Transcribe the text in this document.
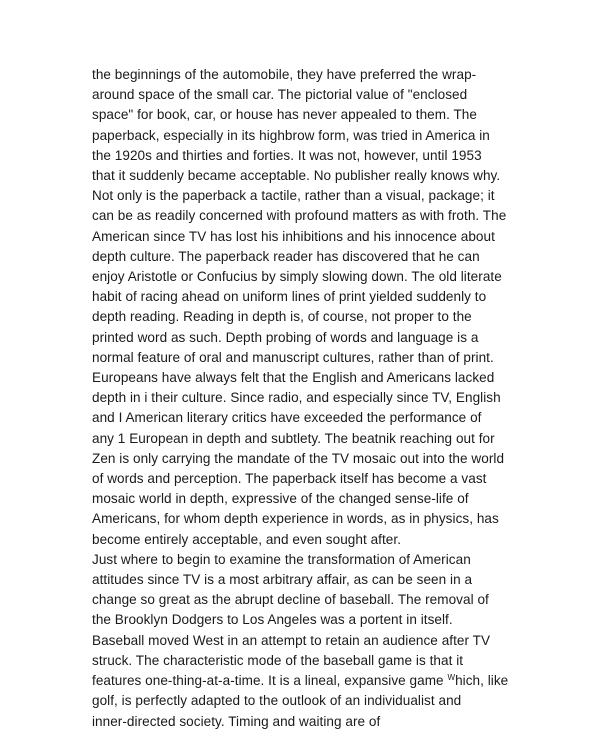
the beginnings of the automobile, they have preferred the wrap-
around space of the small car. The pictorial value of "enclosed
space" for book, car, or house has never appealed to them. The
paperback, especially in its highbrow form, was tried in America in
the 1920s and thirties and forties. It was not, however, until 1953
that it suddenly became acceptable. No publisher really knows why.
Not only is the paperback a tactile, rather than a visual, package; it
can be as readily concerned with profound matters as with froth. The
American since TV has lost his inhibitions and his innocence about
depth culture. The paperback reader has discovered that he can
enjoy Aristotle or Confucius by simply slowing down. The old literate
habit of racing ahead on uniform lines of print yielded suddenly to
depth reading. Reading in depth is, of course, not proper to the
printed word as such. Depth probing of words and language is a
normal feature of oral and manuscript cultures, rather than of print.
Europeans have always felt that the English and Americans lacked
depth in i their culture. Since radio, and especially since TV, English
and I American literary critics have exceeded the performance of
any 1 European in depth and subtlety. The beatnik reaching out for
Zen is only carrying the mandate of the TV mosaic out into the world
of words and perception. The paperback itself has become a vast
mosaic world in depth, expressive of the changed sense-life of
Americans, for whom depth experience in words, as in physics, has
become entirely acceptable, and even sought after.
Just where to begin to examine the transformation of American
attitudes since TV is a most arbitrary affair, as can be seen in a
change so great as the abrupt decline of baseball. The removal of
the Brooklyn Dodgers to Los Angeles was a portent in itself.
Baseball moved West in an attempt to retain an audience after TV
struck. The characteristic mode of the baseball game is that it
features one-thing-at-a-time. It is a lineal, expansive game $^W$hich, like
golf, is perfectly adapted to the outlook of an individualist and
inner-directed society. Timing and waiting are of
